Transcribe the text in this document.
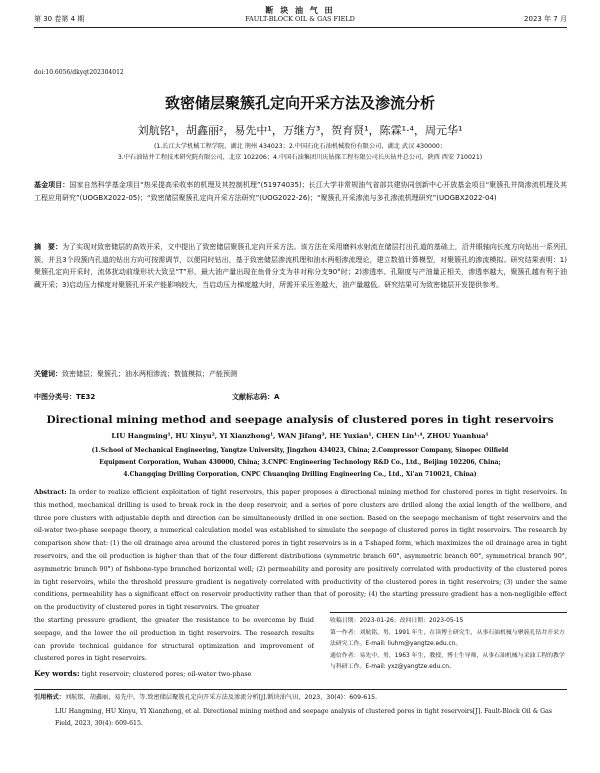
断 块 油 气 田
第 30 卷第 4 期	FAULT-BLOCK OIL & GAS FIELD	2023 年 7 月
doi:10.6056/dkyqt202304012
致密储层聚簇孔定向开采方法及渗流分析
刘航铭¹，胡鑫丽²，易先中¹，万继方³，贺育贤¹，陈霖¹·⁴，周元华¹
(1.长江大学机械工程学院，湖北 荆州 434023；2.中国石化石油机械股份有限公司，湖北 武汉 430000；
3.中石油钻井工程技术研究院有限公司，北京 102206；4.中国石油集团川庆钻探工程有限公司长庆钻井总公司，陕西 西安 710021)
基金项目：国家自然科学基金项目“热采提高采收率的机理及其控制机理”(51974035)；长江大学非常规油气省部共建协同创新中心开放基金项目“聚簇孔井筒渗流机理及其工程应用研究”(UOGBX2022-05)；“致密储层聚簇孔定向开采方法研究”(UOG2022-26)；“聚簇孔开采渗流与多孔渗流机理研究”(UOGBX2022-04)
摘　要：为了实现对致密储层的高效开采，文中提出了致密储层聚簇孔定向开采方法。该方法在采用磨料水射流在储层打出孔道的基础上，沿井眼轴向长度方向钻出一系列孔簇，并且3个段簇内孔道的钻出方向可按需调节，以便同时钻出，基于致密储层渗流机理和油水两相渗流理论，建立数值计算模型，对聚簇孔的渗流模拟。研究结果表明：1)聚簇孔定向开采时，流体扰动前缘形状大致呈“T”形，最大油产量出现在鱼骨分支为非对称分支90°时；2)渗透率、孔隙度与产油量正相关，渗透率越大，聚簇孔越有利于油藏开采；3)启动压力梯度对聚簇孔开采产能影响较大，当启动压力梯度越大时，所需开采压差越大，油产量越低。研究结果可为致密储层开发提供参考。
关键词：致密储层；聚簇孔；油水两相渗流；数值模拟；产能预测
中图分类号：TE32	文献标志码：A
Directional mining method and seepage analysis of clustered pores in tight reservoirs
LIU Hangming¹, HU Xinyu², YI Xianzhong¹, WAN Jifang³, HE Yuxian¹, CHEN Lin¹·⁴, ZHOU Yuanhua¹
(1.School of Mechanical Engineering, Yangtze University, Jingzhou 434023, China; 2.Compressor Company, Sinopec Oilfield
Equipment Corporation, Wuhan 430000, China; 3.CNPC Engineering Technology R&D Co., Ltd., Beijing 102206, China;
4.Changqing Drilling Corporation, CNPC Chuanqing Drilling Engineering Co., Ltd., Xi'an 710021, China)
Abstract: In order to realize efficient exploitation of tight reservoirs, this paper proposes a directional mining method for clustered pores in tight reservoirs. In this method, mechanical drilling is used to break rock in the deep reservoir, and a series of pore clusters are drilled along the axial length of the wellbore, and three pore clusters with adjustable depth and direction can be simultaneously drilled in one section. Based on the seepage mechanism of tight reservoirs and the oil-water two-phase seepage theory, a numerical calculation model was established to simulate the seepage of clustered pores in tight reservoirs. The research by comparison show that: (1) the oil drainage area around the clustered pores in tight reservoirs is in a T-shaped form, which maximizes the oil drainage area in tight reservoirs, and the oil production is higher than that of the four different distributions (symmetric branch 60°, asymmetric branch 60°, symmetrical branch 90°, asymmetric branch 90°) of fishbone-type branched horizontal well; (2) permeability and porosity are positively correlated with productivity of the clustered pores in tight reservoirs, while the threshold pressure gradient is negatively correlated with productivity of the clustered pores in tight reservoirs; (3) under the same conditions, permeability has a significant effect on reservoir productivity rather than that of porosity; (4) the starting pressure gradient has a non-negligible effect on the productivity of clustered pores in tight reservoirs. The greater
the starting pressure gradient, the greater the resistance to be overcome by fluid seepage, and the lower the oil production in tight reservoirs. The research results can provide technical guidance for structural optimization and improvement of clustered pores in tight reservoirs.
Key words: tight reservoir; clustered pores; oil-water two-phase
收稿日期：2023-01-26；改回日期：2023-05-15
第一作者：刘航铭，男，1991 年生，在读博士研究生，从事石油机械与聚簇孔钻井开采方法研究工作。E-mail: liuhm@yangtze.edu.cn。
通信作者：易先中，男，1963 年生，教授，博士生导师，从事石油机械与采油工程的教学与科研工作。E-mail: yxz@yangtze.edu.cn。
引用格式：刘航铭，胡鑫丽，易先中，等.致密储层聚簇孔定向开采方法及渗流分析[J].断块油气田，2023，30(4)：609-615.
LIU Hangming, HU Xinyu, YI Xianzhong, et al. Directional mining method and seepage analysis of clustered pores in tight reservoirs[J]. Fault-Block Oil & Gas Field, 2023, 30(4): 609-615.
